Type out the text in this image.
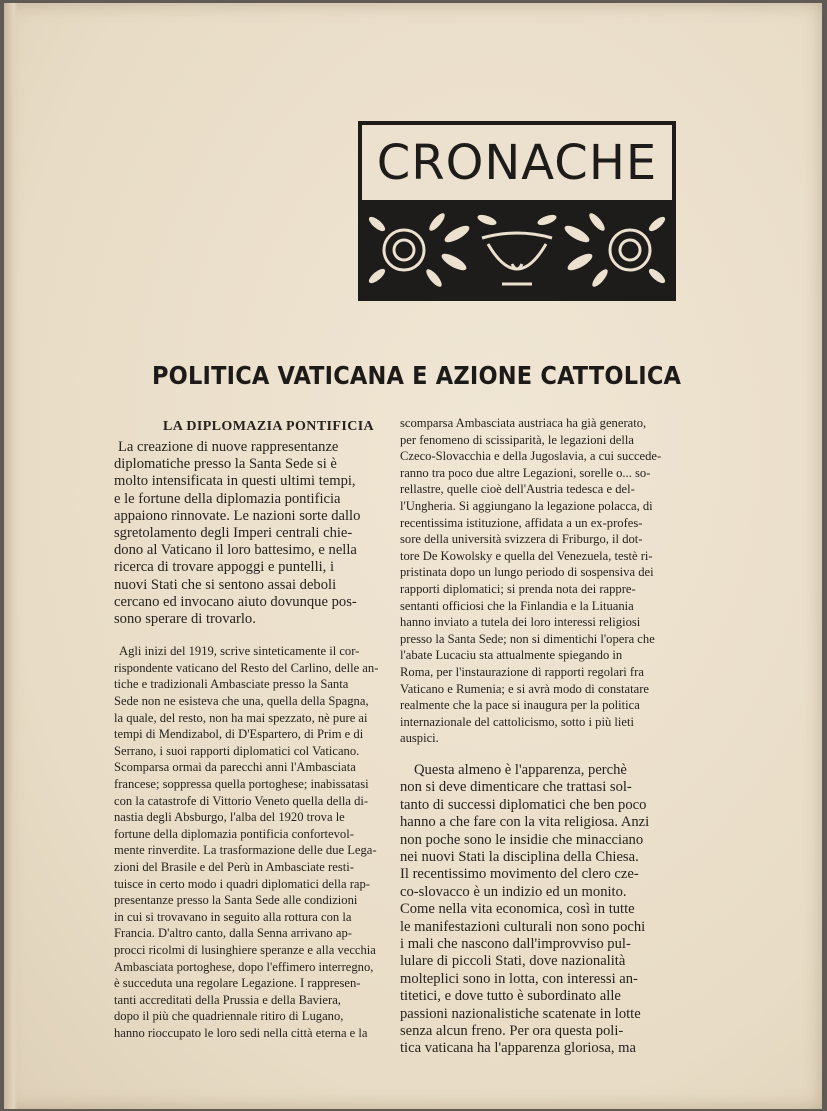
CRONACHE
POLITICA VATICANA E AZIONE CATTOLICA
LA DIPLOMAZIA PONTIFICIA
La creazione di nuove rappresentanze
diplomatiche presso la Santa Sede si è
molto intensificata in questi ultimi tempi,
e le fortune della diplomazia pontificia
appaiono rinnovate. Le nazioni sorte dallo
sgretolamento degli Imperi centrali chie-
dono al Vaticano il loro battesimo, e nella
ricerca di trovare appoggi e puntelli, i
nuovi Stati che si sentono assai deboli
cercano ed invocano aiuto dovunque pos-
sono sperare di trovarlo.
Agli inizi del 1919, scrive sinteticamente il cor-
rispondente vaticano del Resto del Carlino, delle an-
tiche e tradizionali Ambasciate presso la Santa
Sede non ne esisteva che una, quella della Spagna,
la quale, del resto, non ha mai spezzato, nè pure ai
tempi di Mendizabol, di D'Espartero, di Prim e di
Serrano, i suoi rapporti diplomatici col Vaticano.
Scomparsa ormai da parecchi anni l'Ambasciata
francese; soppressa quella portoghese; inabissatasi
con la catastrofe di Vittorio Veneto quella della di-
nastia degli Absburgo, l'alba del 1920 trova le
fortune della diplomazia pontificia confortevol-
mente rinverdite. La trasformazione delle due Lega-
zioni del Brasile e del Perù in Ambasciate resti-
tuisce in certo modo i quadri diplomatici della rap-
presentanze presso la Santa Sede alle condizioni
in cui si trovavano in seguito alla rottura con la
Francia. D'altro canto, dalla Senna arrivano ap-
procci ricolmi di lusinghiere speranze e alla vecchia
Ambasciata portoghese, dopo l'effimero interregno,
è succeduta una regolare Legazione. I rappresen-
tanti accreditati della Prussia e della Baviera,
dopo il più che quadriennale ritiro di Lugano,
hanno rioccupato le loro sedi nella città eterna e la
scomparsa Ambasciata austriaca ha già generato,
per fenomeno di scissiparità, le legazioni della
Czeco-Slovacchia e della Jugoslavia, a cui succede-
ranno tra poco due altre Legazioni, sorelle o... so-
rellastre, quelle cioè dell'Austria tedesca e del-
l'Ungheria. Si aggiungano la legazione polacca, di
recentissima istituzione, affidata a un ex-profes-
sore della università svizzera di Friburgo, il dot-
tore De Kowolsky e quella del Venezuela, testè ri-
pristinata dopo un lungo periodo di sospensiva dei
rapporti diplomatici; si prenda nota dei rappre-
sentanti officiosi che la Finlandia e la Lituania
hanno inviato a tutela dei loro interessi religiosi
presso la Santa Sede; non si dimentichi l'opera che
l'abate Lucaciu sta attualmente spiegando in
Roma, per l'instaurazione di rapporti regolari fra
Vaticano e Rumenia; e si avrà modo di constatare
realmente che la pace si inaugura per la politica
internazionale del cattolicismo, sotto i più lieti
auspici.
Questa almeno è l'apparenza, perchè
non si deve dimenticare che trattasi sol-
tanto di successi diplomatici che ben poco
hanno a che fare con la vita religiosa. Anzi
non poche sono le insidie che minacciano
nei nuovi Stati la disciplina della Chiesa.
Il recentissimo movimento del clero cze-
co-slovacco è un indizio ed un monito.
Come nella vita economica, così in tutte
le manifestazioni culturali non sono pochi
i mali che nascono dall'improvviso pul-
lulare di piccoli Stati, dove nazionalità
molteplici sono in lotta, con interessi an-
titetici, e dove tutto è subordinato alle
passioni nazionalistiche scatenate in lotte
senza alcun freno. Per ora questa poli-
tica vaticana ha l'apparenza gloriosa, ma
